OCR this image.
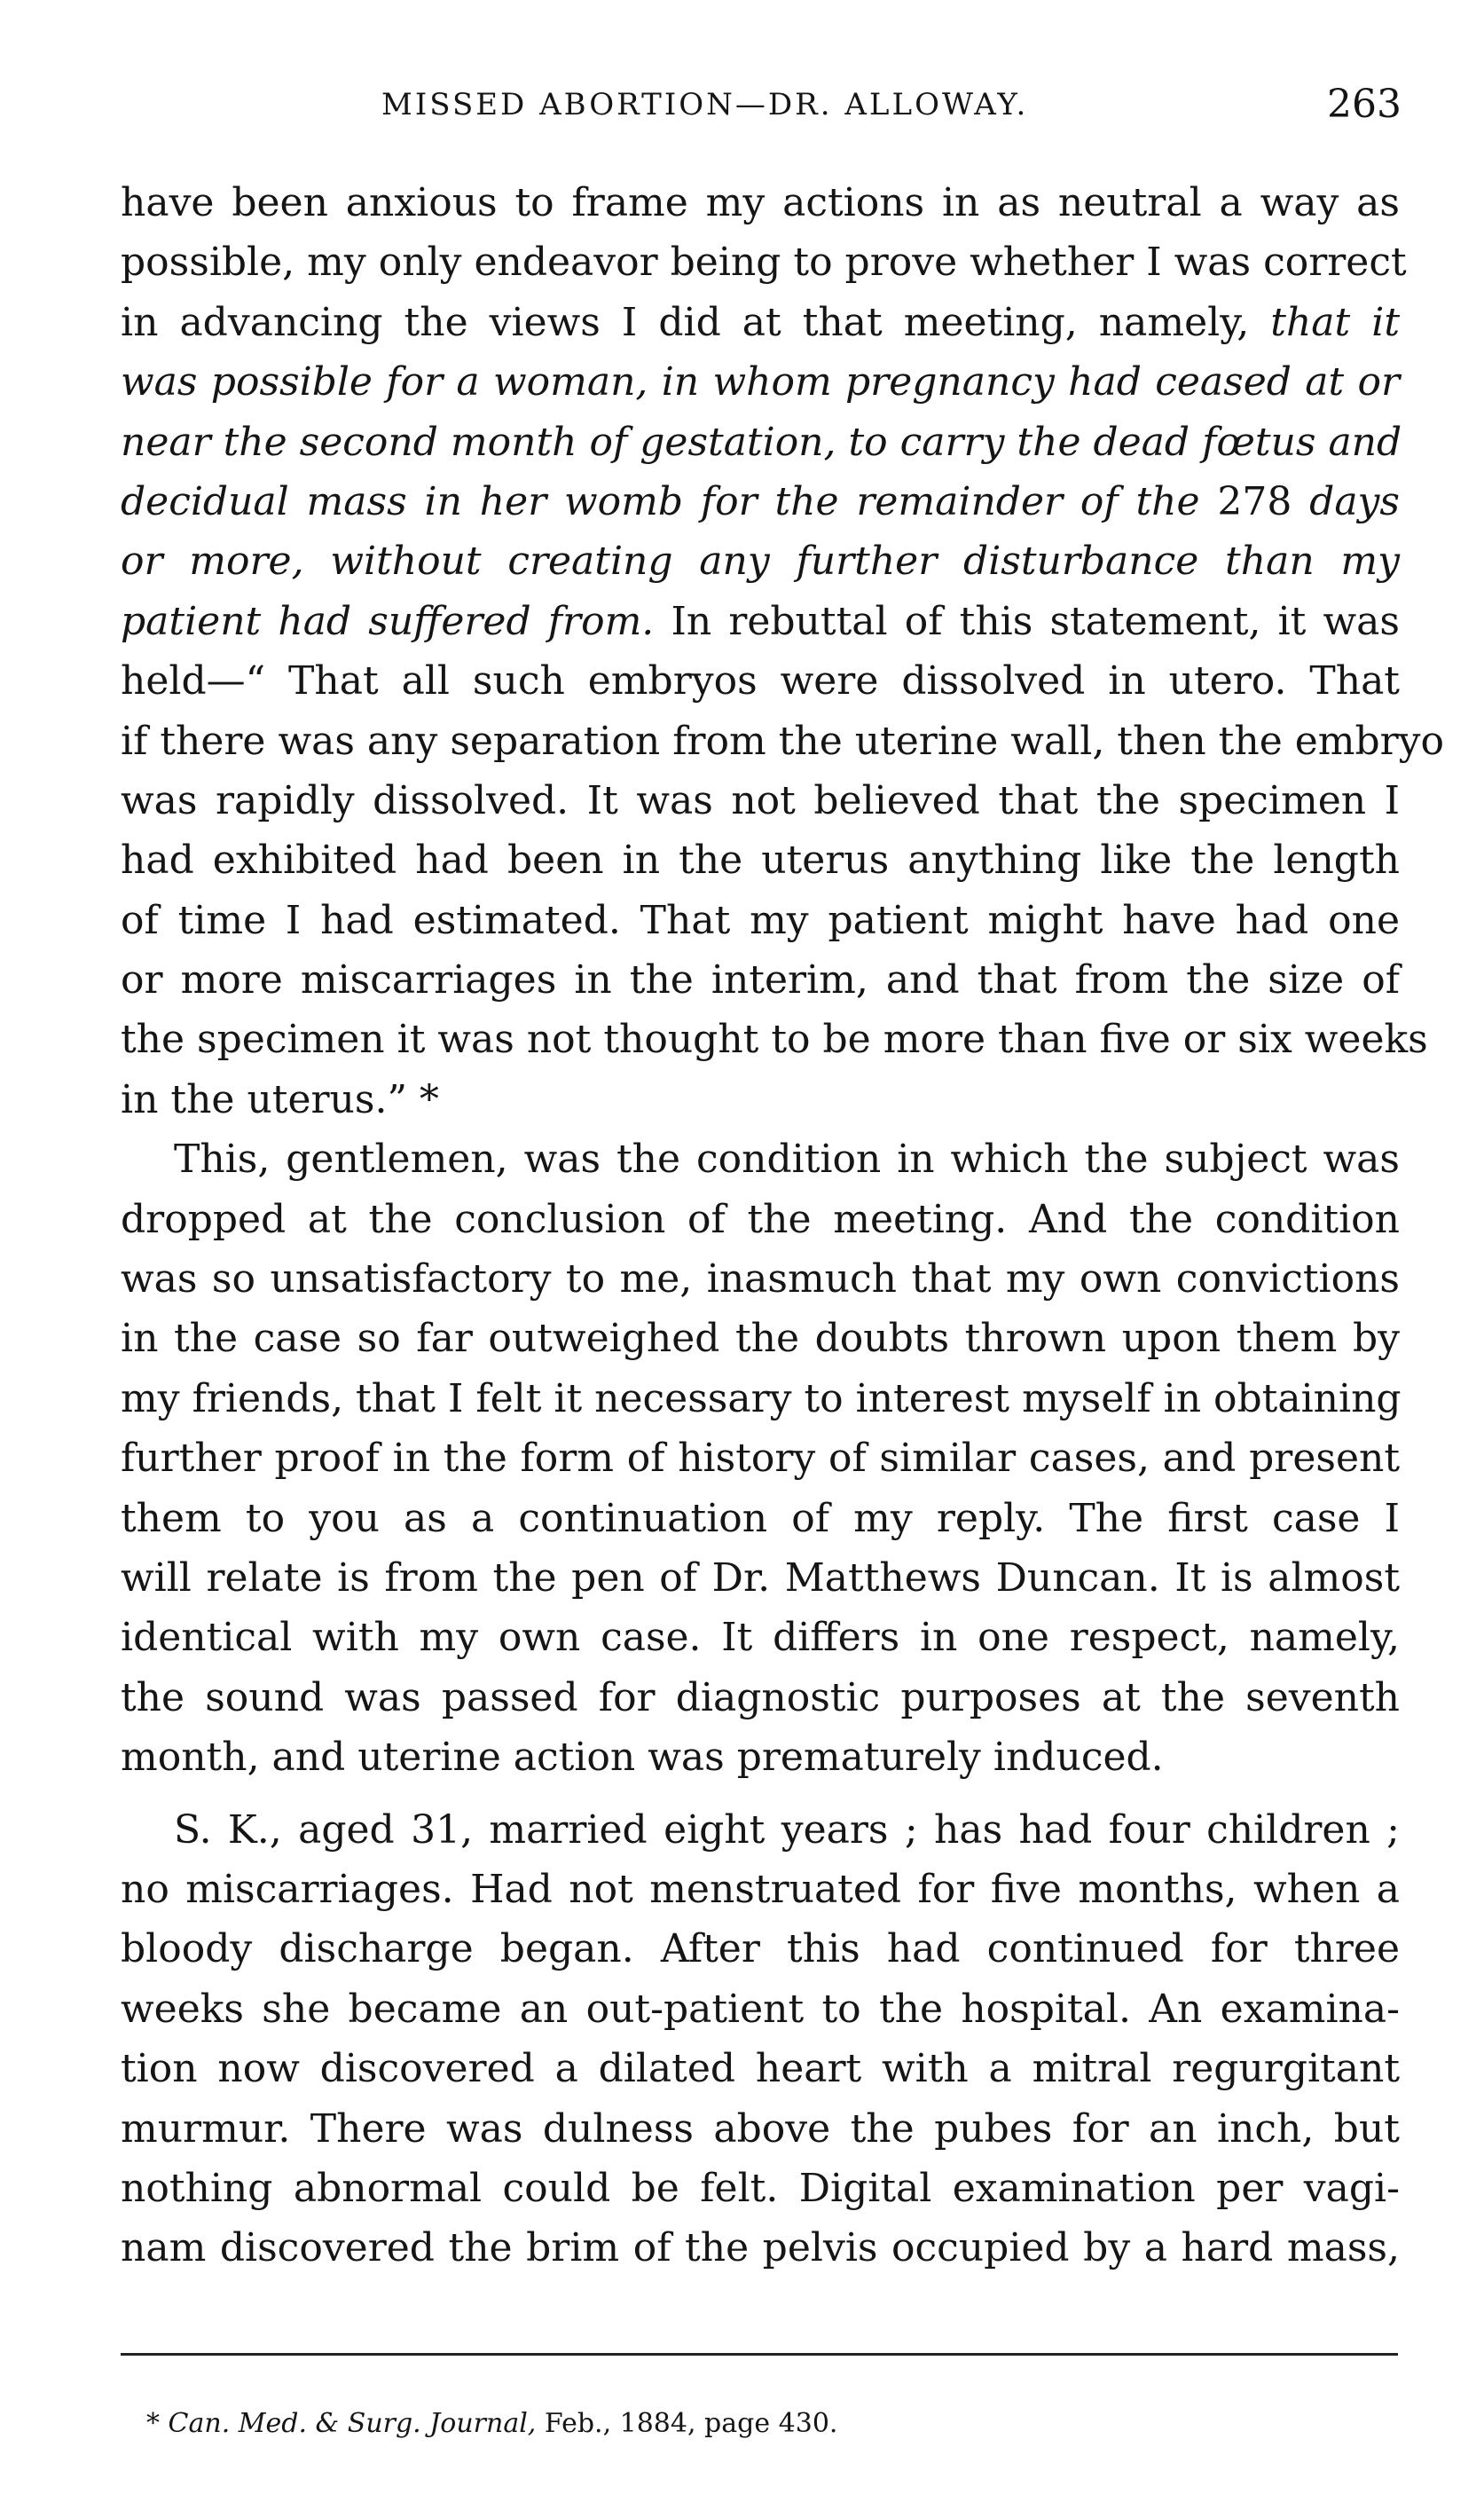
MISSED ABORTION—DR. ALLOWAY.	263
have been anxious to frame my actions in as neutral a way as
possible, my only endeavor being to prove whether I was correct
in advancing the views I did at that meeting, namely, that it
was possible for a woman, in whom pregnancy had ceased at or
near the second month of gestation, to carry the dead fœtus and
decidual mass in her womb for the remainder of the 278 days
or more, without creating any further disturbance than my
patient had suffered from. In rebuttal of this statement, it was
held—“ That all such embryos were dissolved in utero. That
if there was any separation from the uterine wall, then the embryo
was rapidly dissolved. It was not believed that the specimen I
had exhibited had been in the uterus anything like the length
of time I had estimated. That my patient might have had one
or more miscarriages in the interim, and that from the size of
the specimen it was not thought to be more than five or six weeks
in the uterus.” *
This, gentlemen, was the condition in which the subject was
dropped at the conclusion of the meeting. And the condition
was so unsatisfactory to me, inasmuch that my own convictions
in the case so far outweighed the doubts thrown upon them by
my friends, that I felt it necessary to interest myself in obtaining
further proof in the form of history of similar cases, and present
them to you as a continuation of my reply. The first case I
will relate is from the pen of Dr. Matthews Duncan. It is almost
identical with my own case. It differs in one respect, namely,
the sound was passed for diagnostic purposes at the seventh
month, and uterine action was prematurely induced.
S. K., aged 31, married eight years ; has had four children ;
no miscarriages. Had not menstruated for five months, when a
bloody discharge began. After this had continued for three
weeks she became an out-patient to the hospital. An examina-
tion now discovered a dilated heart with a mitral regurgitant
murmur. There was dulness above the pubes for an inch, but
nothing abnormal could be felt. Digital examination per vagi-
nam discovered the brim of the pelvis occupied by a hard mass,
* Can. Med. & Surg. Journal, Feb., 1884, page 430.
